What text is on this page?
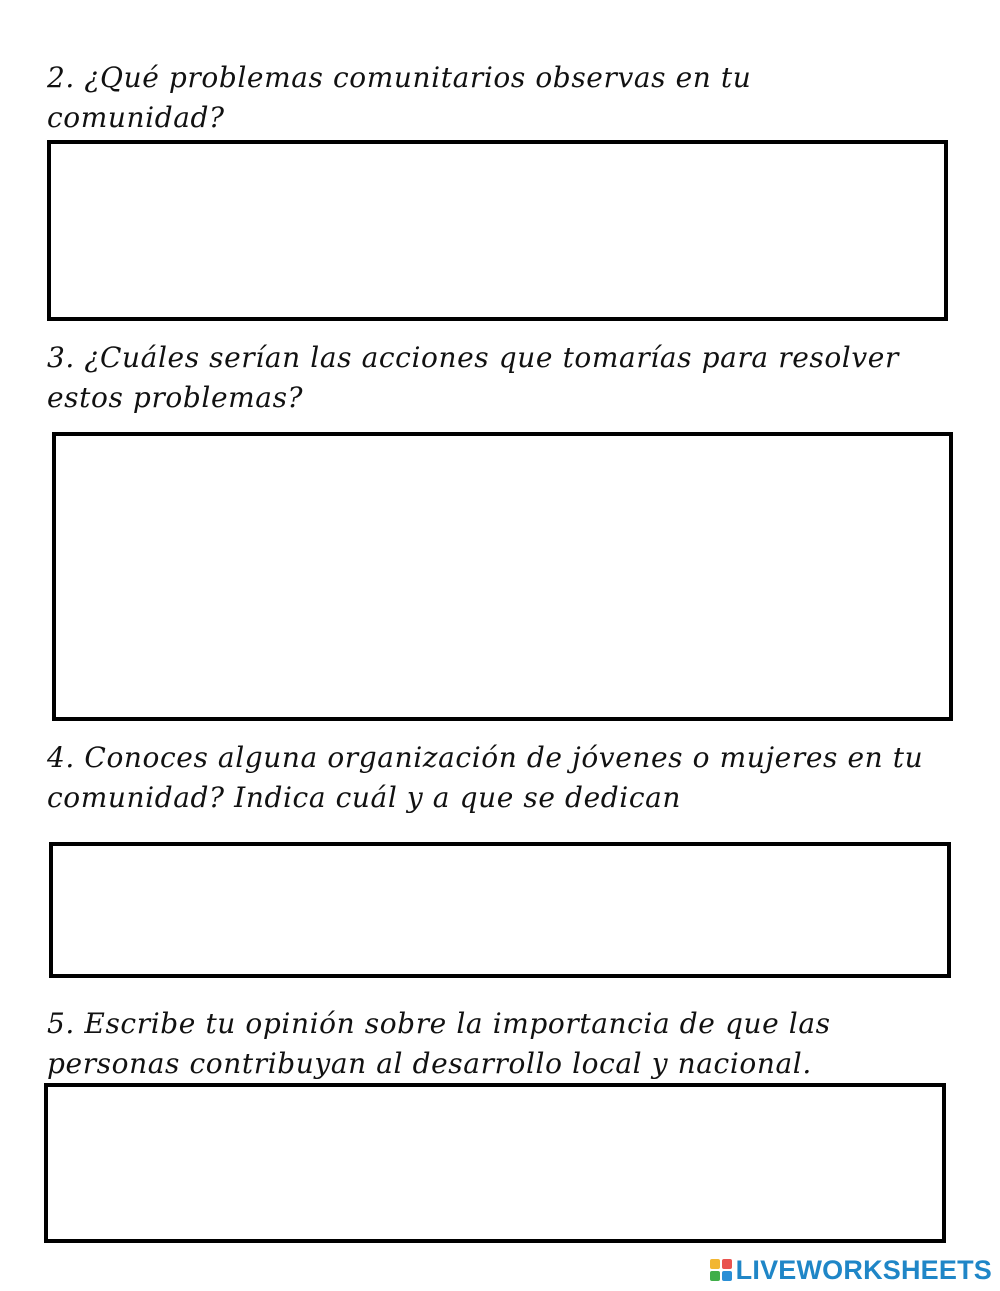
2. ¿Qué problemas comunitarios observas en tu
comunidad?

3. ¿Cuáles serían las acciones que tomarías para resolver
estos problemas?

4. Conoces alguna organización de jóvenes o mujeres en tu
comunidad? Indica cuál y a que se dedican

5. Escribe tu opinión sobre la importancia de que las
personas contribuyan al desarrollo local y nacional.

LIVEWORKSHEETS
